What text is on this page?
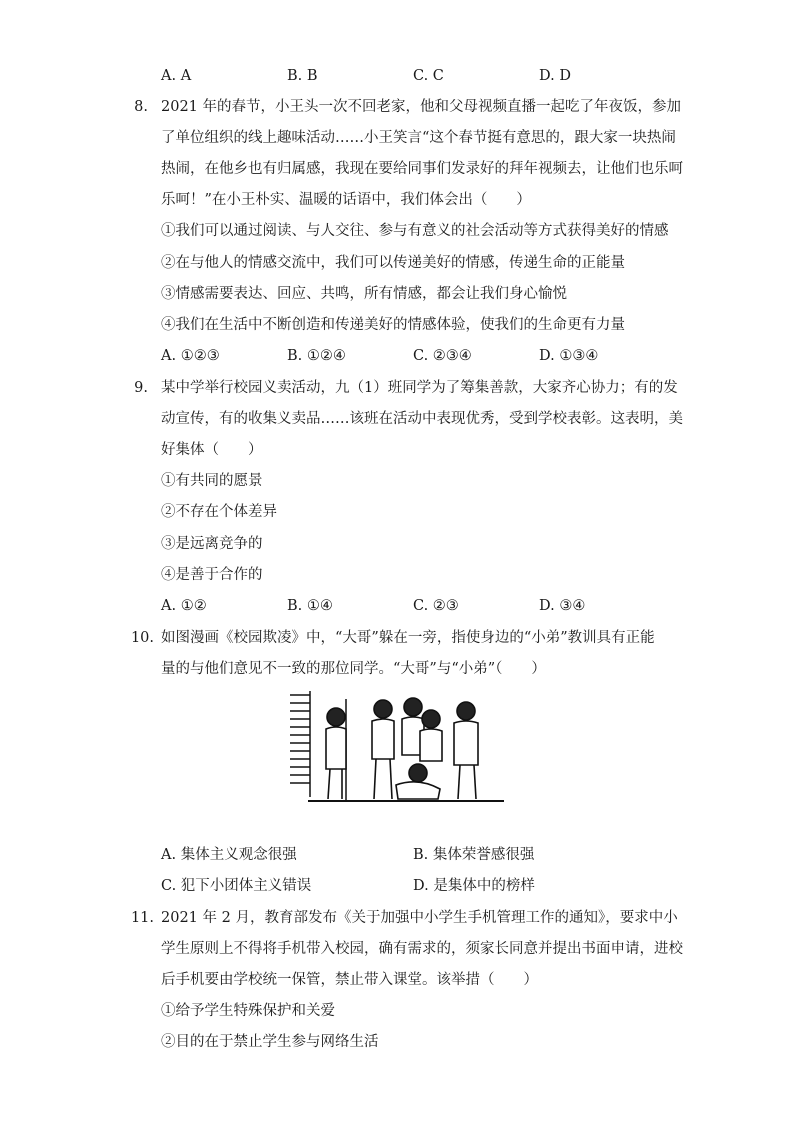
A. A	B. B	C. C	D. D
8. 2021 年的春节，小王头一次不回老家，他和父母视频直播一起吃了年夜饭，参加
了单位组织的线上趣味活动……小王笑言“这个春节挺有意思的，跟大家一块热闹
热闹，在他乡也有归属感，我现在要给同事们发录好的拜年视频去，让他们也乐呵
乐呵！”在小王朴实、温暖的话语中，我们体会出（　　）
①我们可以通过阅读、与人交往、参与有意义的社会活动等方式获得美好的情感
②在与他人的情感交流中，我们可以传递美好的情感，传递生命的正能量
③情感需要表达、回应、共鸣，所有情感，都会让我们身心愉悦
④我们在生活中不断创造和传递美好的情感体验，使我们的生命更有力量
A. ①②③	B. ①②④	C. ②③④	D. ①③④
9. 某中学举行校园义卖活动，九（1）班同学为了筹集善款，大家齐心协力；有的发
动宣传，有的收集义卖品……该班在活动中表现优秀，受到学校表彰。这表明，美
好集体（　　）
①有共同的愿景
②不存在个体差异
③是远离竞争的
④是善于合作的
A. ①②	B. ①④	C. ②③	D. ③④
10. 如图漫画《校园欺凌》中，“大哥”躲在一旁，指使身边的“小弟”教训具有正能
量的与他们意见不一致的那位同学。“大哥”与“小弟”（　　）
A. 集体主义观念很强	B. 集体荣誉感很强
C. 犯下小团体主义错误	D. 是集体中的榜样
11. 2021 年 2 月，教育部发布《关于加强中小学生手机管理工作的通知》，要求中小
学生原则上不得将手机带入校园，确有需求的，须家长同意并提出书面申请，进校
后手机要由学校统一保管，禁止带入课堂。该举措（　　）
①给予学生特殊保护和关爱
②目的在于禁止学生参与网络生活
